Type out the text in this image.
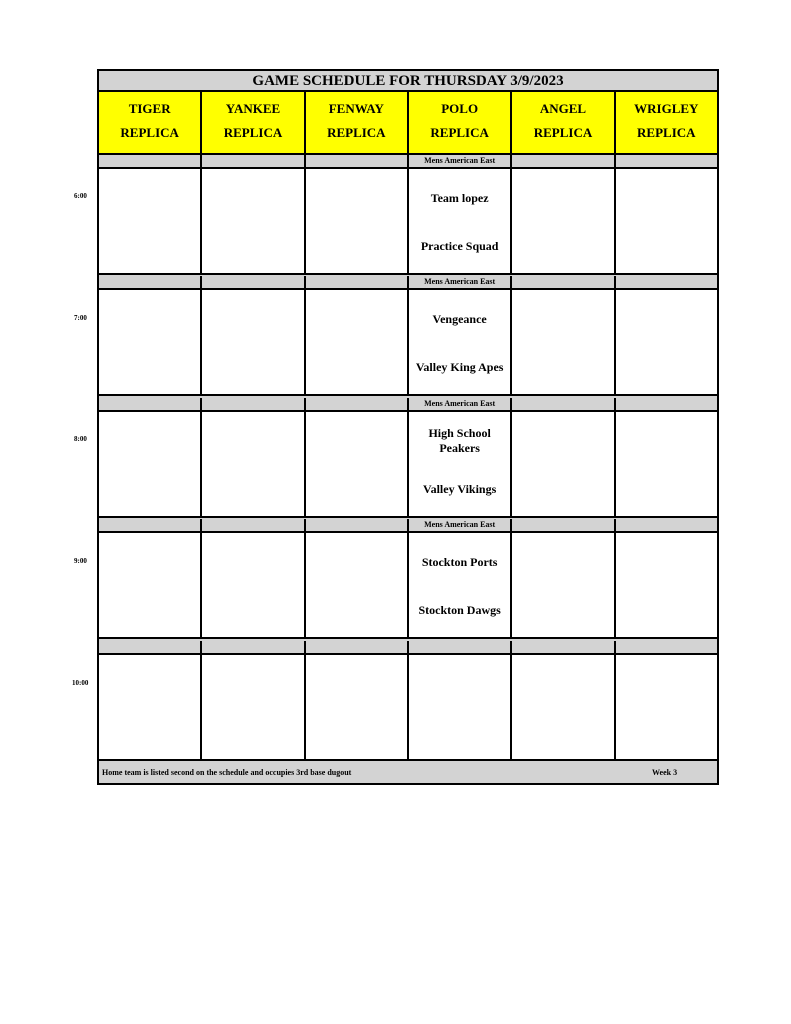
6:00
7:00
8:00
9:00
10:00
GAME SCHEDULE FOR THURSDAY 3/9/2023
TIGER
REPLICA
YANKEE
REPLICA
FENWAY
REPLICA
POLO
REPLICA
ANGEL
REPLICA
WRIGLEY
REPLICA
Mens American East
Team lopez
Practice Squad
Mens American East
Vengeance
Valley King Apes
Mens American East
High School Peakers
Valley Vikings
Mens American East
Stockton Ports
Stockton Dawgs
Home team is listed second on the schedule and occupies 3rd base dugout	Week 3
